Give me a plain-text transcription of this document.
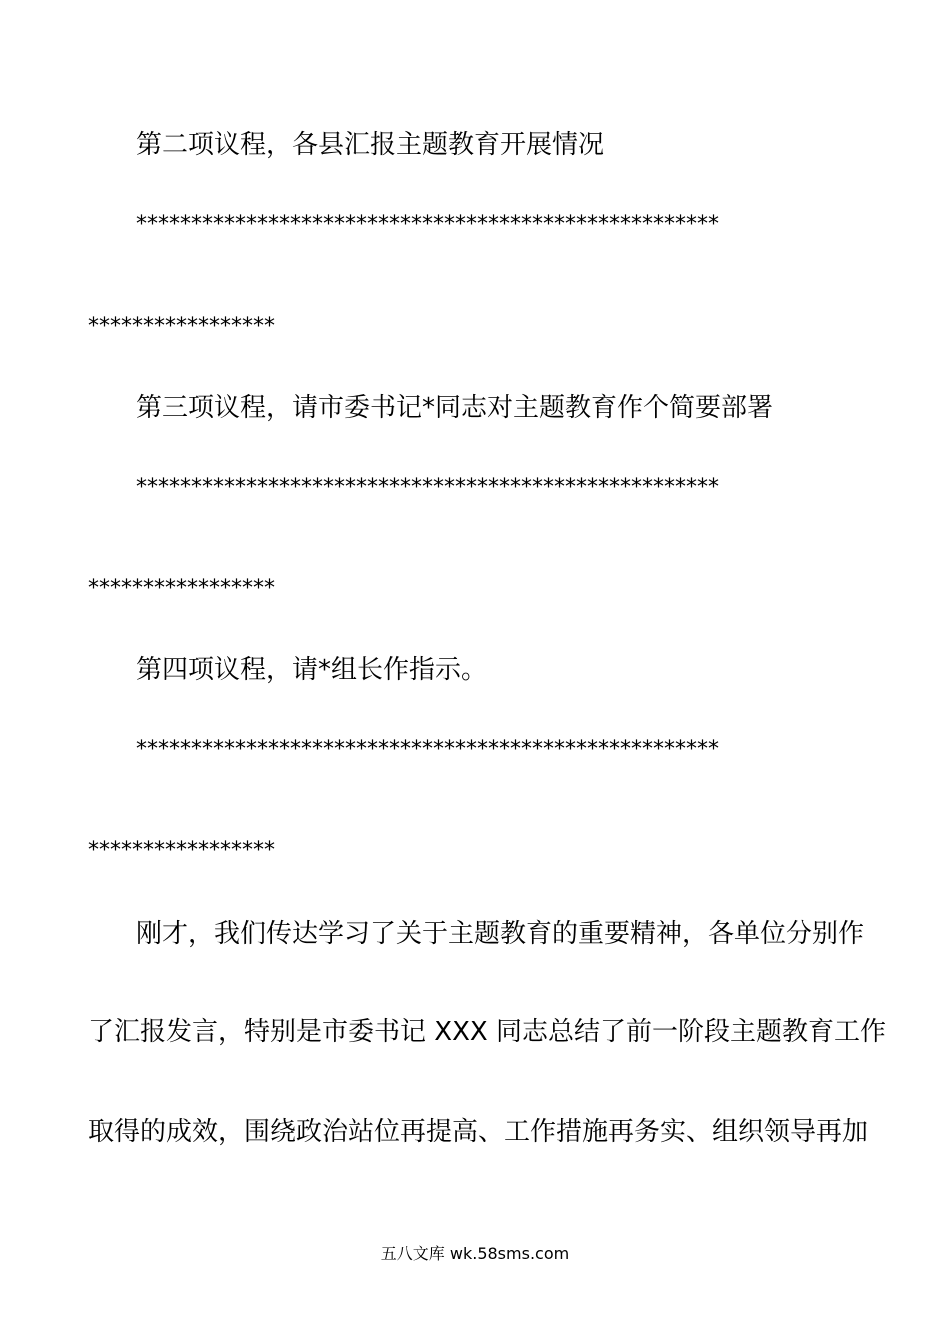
第二项议程，各县汇报主题教育开展情况
*****************************************************
*****************
第三项议程，请市委书记*同志对主题教育作个简要部署
*****************************************************
*****************
第四项议程，请*组长作指示。
*****************************************************
*****************
刚才，我们传达学习了关于主题教育的重要精神，各单位分别作
了汇报发言，特别是市委书记 XXX 同志总结了前一阶段主题教育工作
取得的成效，围绕政治站位再提高、工作措施再务实、组织领导再加
五八文库 wk.58sms.com
